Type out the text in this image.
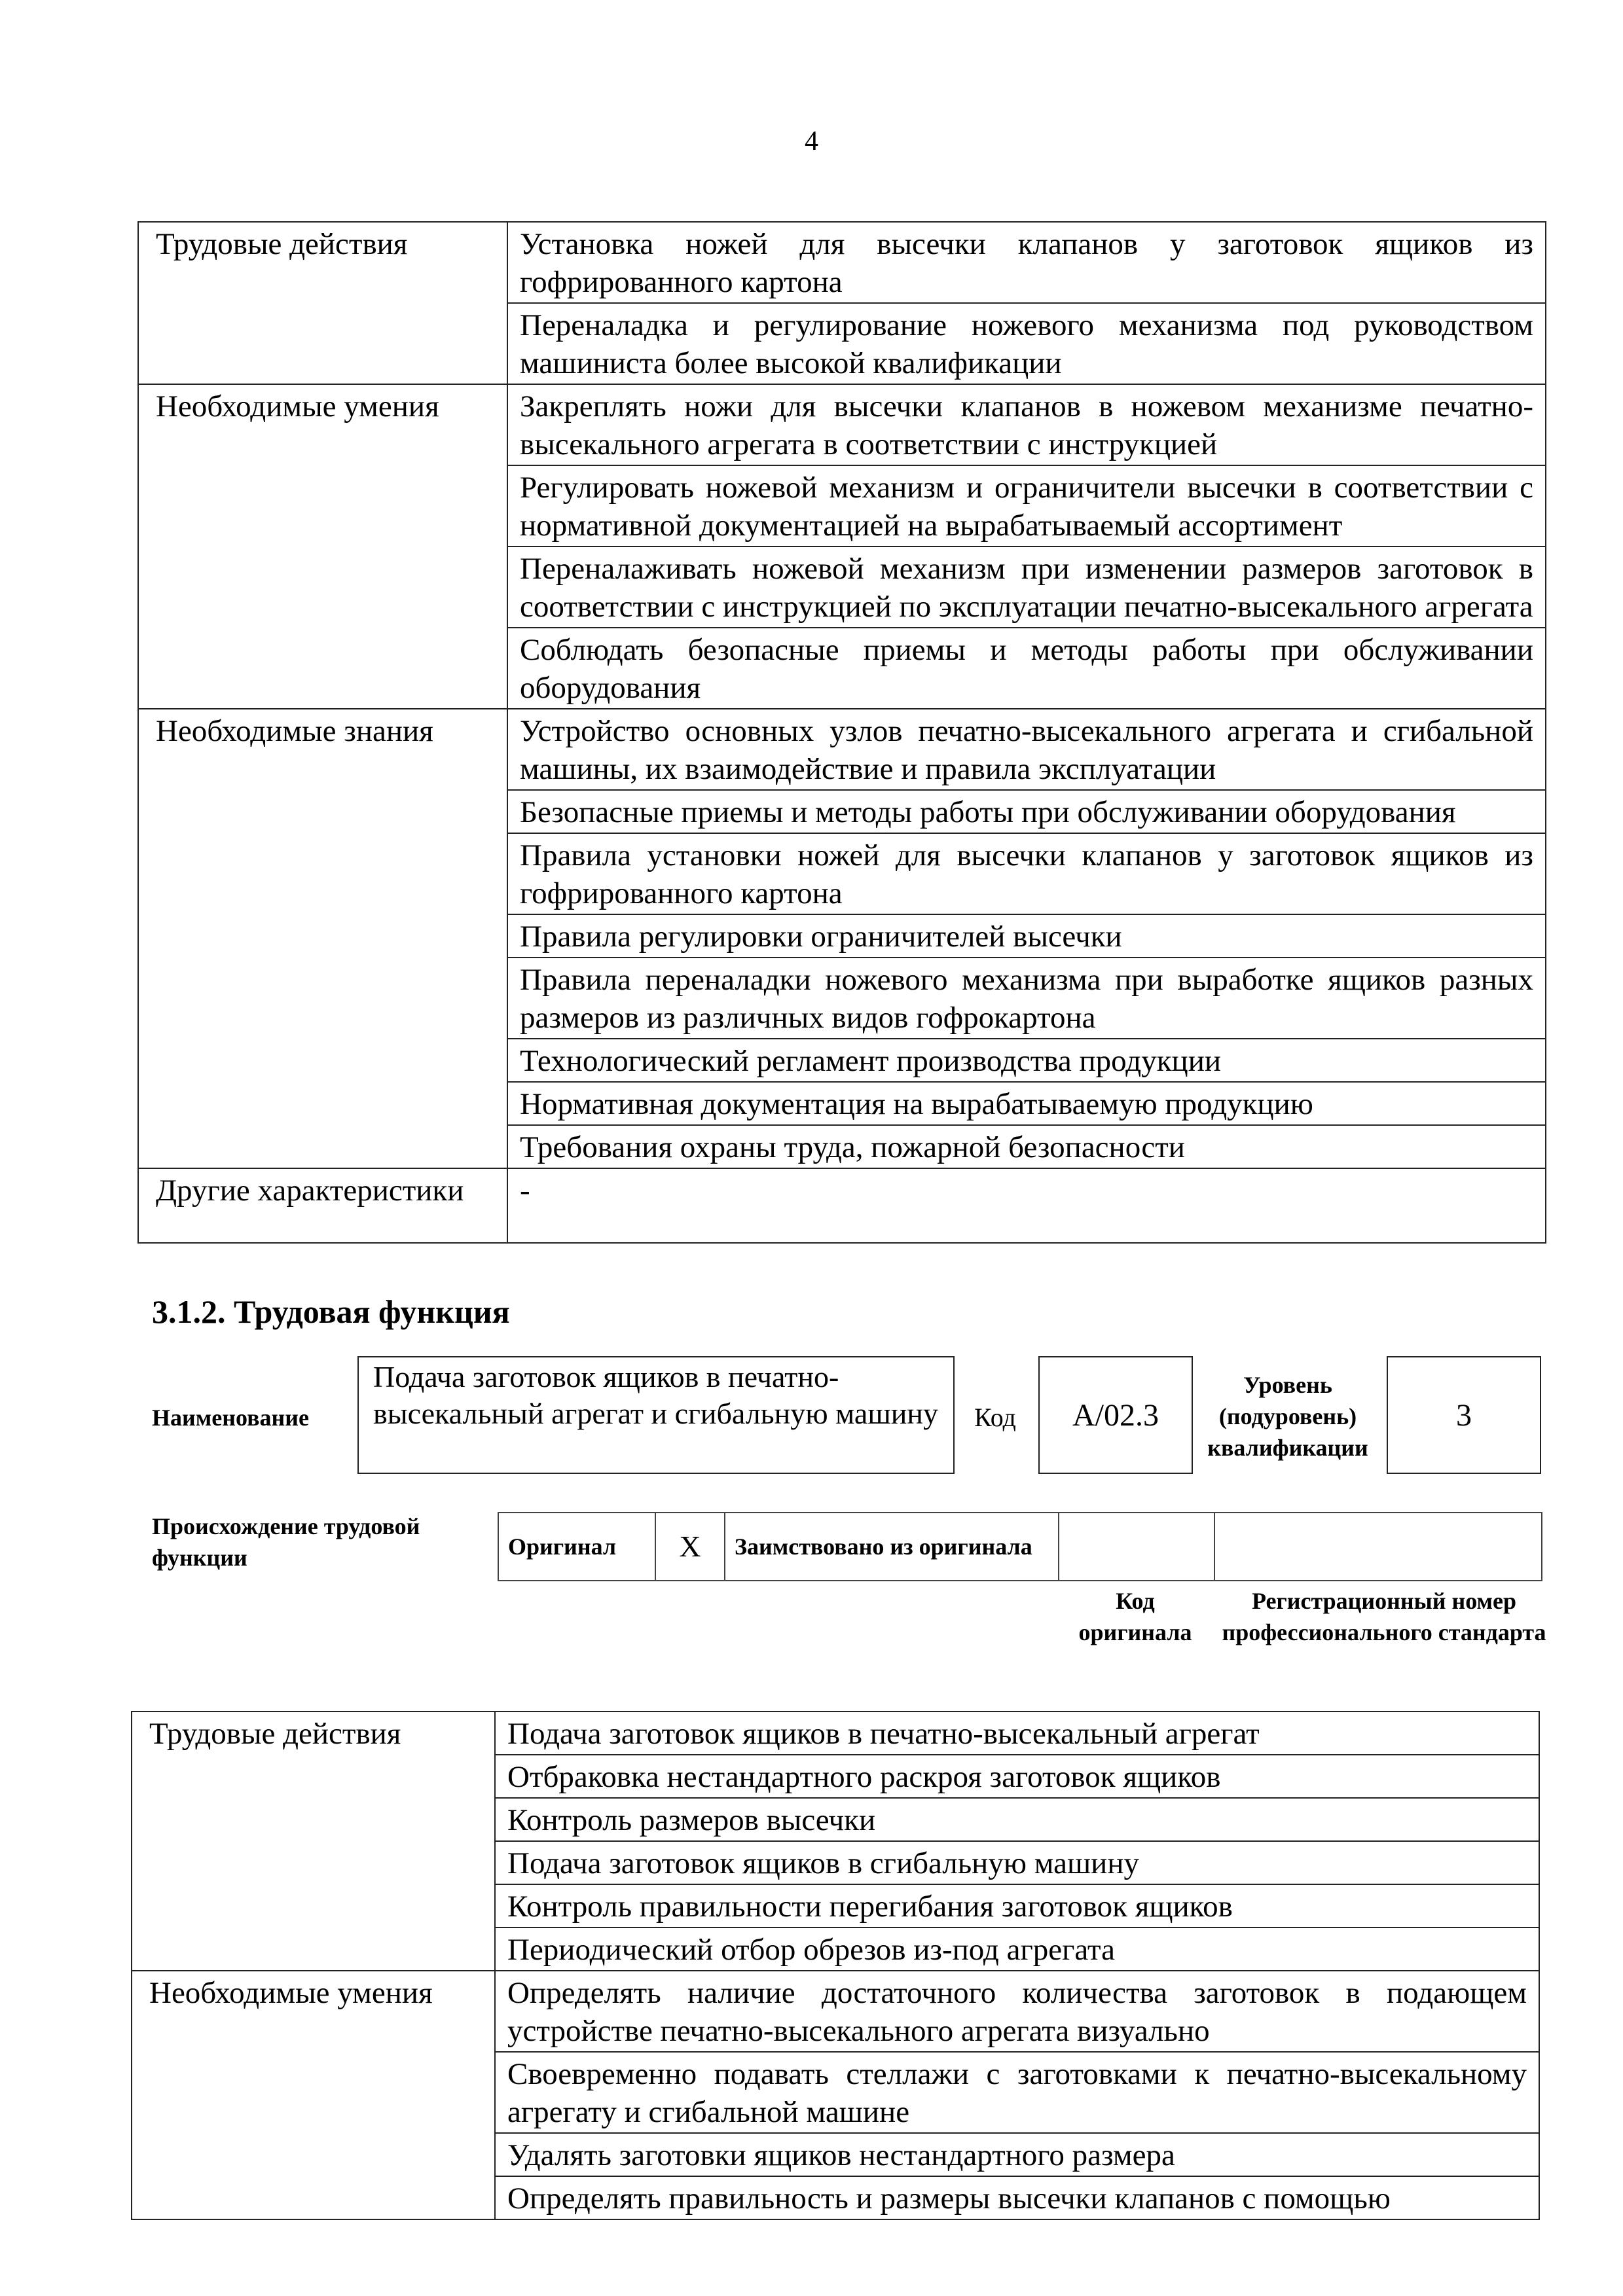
4
Трудовые действия	Установка ножей для высечки клапанов у заготовок ящиков из гофрированного картона
	Переналадка и регулирование ножевого механизма под руководством машиниста более высокой квалификации
Необходимые умения	Закреплять ножи для высечки клапанов в ножевом механизме печатно-высекального агрегата в соответствии с инструкцией
	Регулировать ножевой механизм и ограничители высечки в соответствии с нормативной документацией на вырабатываемый ассортимент
	Переналаживать ножевой механизм при изменении размеров заготовок в соответствии с инструкцией по эксплуатации печатно-высекального агрегата
	Соблюдать безопасные приемы и методы работы при обслуживании оборудования
Необходимые знания	Устройство основных узлов печатно-высекального агрегата и сгибальной машины, их взаимодействие и правила эксплуатации
	Безопасные приемы и методы работы при обслуживании оборудования
	Правила установки ножей для высечки клапанов у заготовок ящиков из гофрированного картона
	Правила регулировки ограничителей высечки
	Правила переналадки ножевого механизма при выработке ящиков разных размеров из различных видов гофрокартона
	Технологический регламент производства продукции
	Нормативная документация на вырабатываемую продукцию
	Требования охраны труда, пожарной безопасности
Другие характеристики	-
3.1.2. Трудовая функция
Наименование
Подача заготовок ящиков в печатно-высекальный агрегат и сгибальную машину	Код	А/02.3
Уровень (подуровень) квалификации
3
Происхождение трудовой функции	Оригинал	X	Заимствовано из оригинала		
Код оригинала
Регистрационный номер профессионального стандарта
Трудовые действия	Подача заготовок ящиков в печатно-высекальный агрегат
	Отбраковка нестандартного раскроя заготовок ящиков
	Контроль размеров высечки
	Подача заготовок ящиков в сгибальную машину
	Контроль правильности перегибания заготовок ящиков
	Периодический отбор обрезов из-под агрегата
Необходимые умения	Определять наличие достаточного количества заготовок в подающем устройстве печатно-высекального агрегата визуально
	Своевременно подавать стеллажи с заготовками к печатно-высекальному агрегату и сгибальной машине
	Удалять заготовки ящиков нестандартного размера
	Определять правильность и размеры высечки клапанов с помощью
